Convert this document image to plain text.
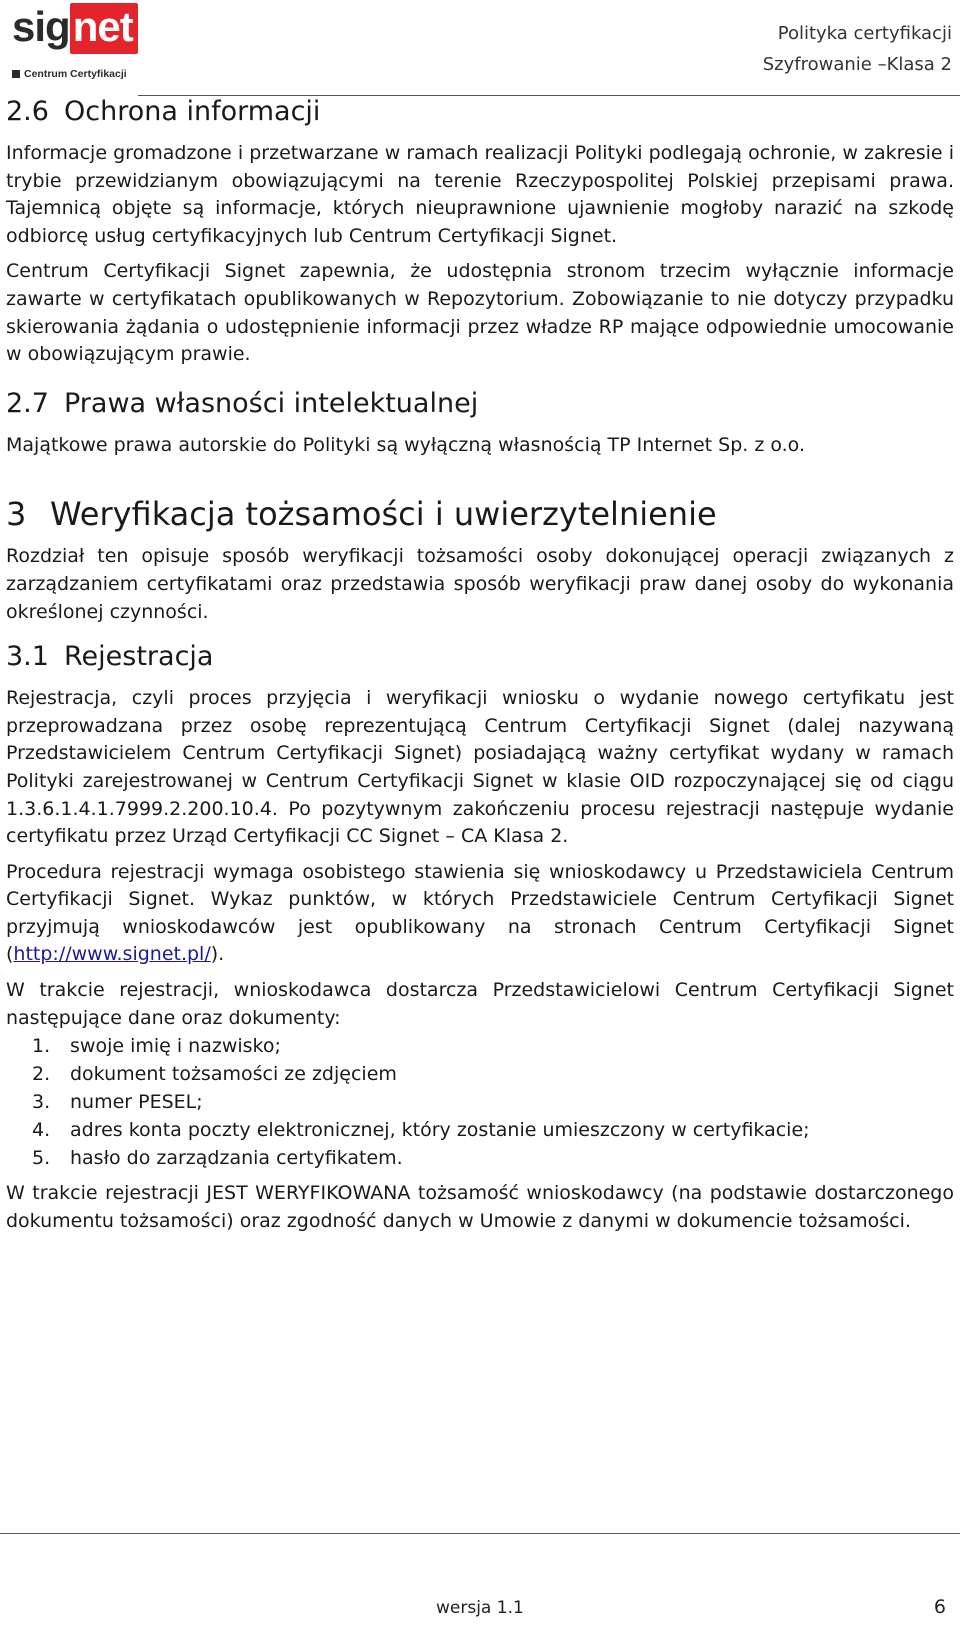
signet
Centrum Certyfikacji
Polityka certyfikacji
Szyfrowanie –Klasa 2
2.6 Ochrona informacji

Informacje gromadzone i przetwarzane w ramach realizacji Polityki podlegają ochronie, w zakresie i trybie przewidzianym obowiązującymi na terenie Rzeczypospolitej Polskiej przepisami prawa. Tajemnicą objęte są informacje, których nieuprawnione ujawnienie mogłoby narazić na szkodę odbiorcę usług certyfikacyjnych lub Centrum Certyfikacji Signet.

Centrum Certyfikacji Signet zapewnia, że udostępnia stronom trzecim wyłącznie informacje zawarte w certyfikatach opublikowanych w Repozytorium. Zobowiązanie to nie dotyczy przypadku skierowania żądania o udostępnienie informacji przez władze RP mające odpowiednie umocowanie w obowiązującym prawie.

2.7 Prawa własności intelektualnej

Majątkowe prawa autorskie do Polityki są wyłączną własnością TP Internet Sp. z o.o.

3 Weryfikacja tożsamości i uwierzytelnienie

Rozdział ten opisuje sposób weryfikacji tożsamości osoby dokonującej operacji związanych z zarządzaniem certyfikatami oraz przedstawia sposób weryfikacji praw danej osoby do wykonania określonej czynności.

3.1 Rejestracja

Rejestracja, czyli proces przyjęcia i weryfikacji wniosku o wydanie nowego certyfikatu jest przeprowadzana przez osobę reprezentującą Centrum Certyfikacji Signet (dalej nazywaną Przedstawicielem Centrum Certyfikacji Signet) posiadającą ważny certyfikat wydany w ramach Polityki zarejestrowanej w Centrum Certyfikacji Signet w klasie OID rozpoczynającej się od ciągu 1.3.6.1.4.1.7999.2.200.10.4. Po pozytywnym zakończeniu procesu rejestracji następuje wydanie certyfikatu przez Urząd Certyfikacji CC Signet – CA Klasa 2.

Procedura rejestracji wymaga osobistego stawienia się wnioskodawcy u Przedstawiciela Centrum Certyfikacji Signet. Wykaz punktów, w których Przedstawiciele Centrum Certyfikacji Signet przyjmują wnioskodawców jest opublikowany na stronach Centrum Certyfikacji Signet (http://www.signet.pl/).

W trakcie rejestracji, wnioskodawca dostarcza Przedstawicielowi Centrum Certyfikacji Signet następujące dane oraz dokumenty:

1. swoje imię i nazwisko;
2. dokument tożsamości ze zdjęciem
3. numer PESEL;
4. adres konta poczty elektronicznej, który zostanie umieszczony w certyfikacie;
5. hasło do zarządzania certyfikatem.

W trakcie rejestracji JEST WERYFIKOWANA tożsamość wnioskodawcy (na podstawie dostarczonego dokumentu tożsamości) oraz zgodność danych w Umowie z danymi w dokumencie tożsamości.

wersja 1.1	6
